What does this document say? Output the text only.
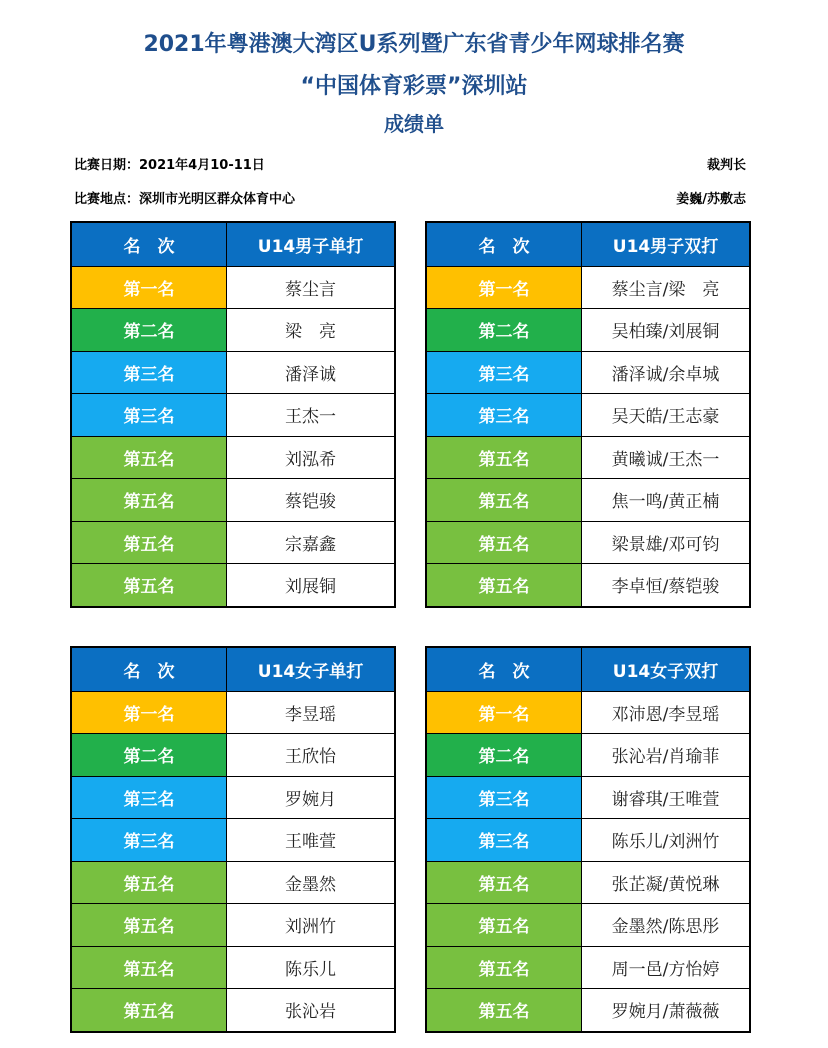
2021年粤港澳大湾区U系列暨广东省青少年网球排名赛
“中国体育彩票”深圳站
成绩单
比赛日期：2021年4月10-11日
比赛地点：深圳市光明区群众体育中心
裁判长
姜巍/苏敷志
名　次	U14男子单打
第一名	蔡尘言
第二名	梁　亮
第三名	潘泽诚
第三名	王杰一
第五名	刘泓希
第五名	蔡铠骏
第五名	宗嘉鑫
第五名	刘展铜
名　次	U14男子双打
第一名	蔡尘言/梁　亮
第二名	吴柏臻/刘展铜
第三名	潘泽诚/余卓城
第三名	吴天皓/王志豪
第五名	黄曦诚/王杰一
第五名	焦一鸣/黄正楠
第五名	梁景雄/邓可钧
第五名	李卓恒/蔡铠骏
名　次	U14女子单打
第一名	李昱瑶
第二名	王欣怡
第三名	罗婉月
第三名	王唯萱
第五名	金墨然
第五名	刘洲竹
第五名	陈乐儿
第五名	张沁岩
名　次	U14女子双打
第一名	邓沛恩/李昱瑶
第二名	张沁岩/肖瑜菲
第三名	谢睿琪/王唯萱
第三名	陈乐儿/刘洲竹
第五名	张芷凝/黄悦琳
第五名	金墨然/陈思彤
第五名	周一邑/方怡婷
第五名	罗婉月/萧薇薇
